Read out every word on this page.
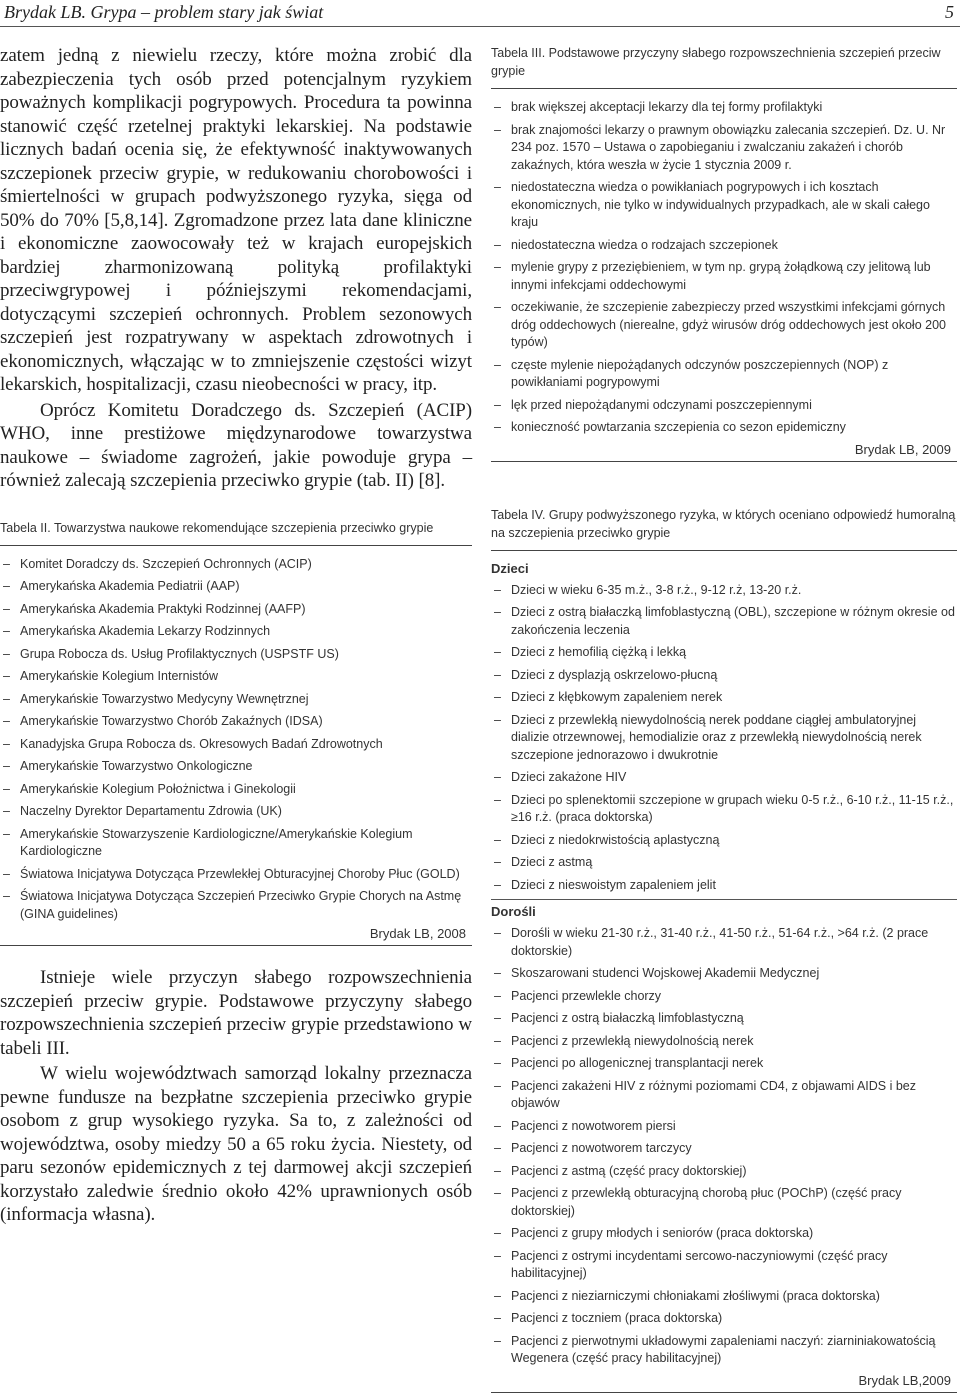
Brydak LB. Grypa – problem stary jak świat	5

zatem jedną z niewielu rzeczy, które można zrobić dla zabezpieczenia tych osób przed potencjalnym ryzykiem poważnych komplikacji pogrypowych. Procedura ta powinna stanowić część rzetelnej praktyki lekarskiej. Na podstawie licznych badań ocenia się, że efektywność inaktywowanych szczepionek przeciw grypie, w redukowaniu chorobowości i śmiertelności w grupach podwyższonego ryzyka, sięga od 50% do 70% [5,8,14]. Zgromadzone przez lata dane kliniczne i ekonomiczne zaowocowały też w krajach europejskich bardziej zharmonizowaną polityką profilaktyki przeciwgrypowej i późniejszymi rekomendacjami, dotyczącymi szczepień ochronnych. Problem sezonowych szczepień jest rozpatrywany w aspektach zdrowotnych i ekonomicznych, włączając w to zmniejszenie częstości wizyt lekarskich, hospitalizacji, czasu nieobecności w pracy, itp.

Oprócz Komitetu Doradczego ds. Szczepień (ACIP) WHO, inne prestiżowe międzynarodowe towarzystwa naukowe – świadome zagrożeń, jakie powoduje grypa – również zalecają szczepienia przeciwko grypie (tab. II) [8].

Tabela II. Towarzystwa naukowe rekomendujące szczepienia przeciwko grypie

– Komitet Doradczy ds. Szczepień Ochronnych (ACIP)
– Amerykańska Akademia Pediatrii (AAP)
– Amerykańska Akademia Praktyki Rodzinnej (AAFP)
– Amerykańska Akademia Lekarzy Rodzinnych
– Grupa Robocza ds. Usług Profilaktycznych (USPSTF US)
– Amerykańskie Kolegium Internistów
– Amerykańskie Towarzystwo Medycyny Wewnętrznej
– Amerykańskie Towarzystwo Chorób Zakaźnych (IDSA)
– Kanadyjska Grupa Robocza ds. Okresowych Badań Zdrowotnych
– Amerykańskie Towarzystwo Onkologiczne
– Amerykańskie Kolegium Położnictwa i Ginekologii
– Naczelny Dyrektor Departamentu Zdrowia (UK)
– Amerykańskie Stowarzyszenie Kardiologiczne/Amerykańskie Kolegium Kardiologiczne
– Światowa Inicjatywa Dotycząca Przewlekłej Obturacyjnej Choroby Płuc (GOLD)
– Światowa Inicjatywa Dotycząca Szczepień Przeciwko Grypie Chorych na Astmę (GINA guidelines)
Brydak LB, 2008

Istnieje wiele przyczyn słabego rozpowszechnienia szczepień przeciw grypie. Podstawowe przyczyny słabego rozpowszechnienia szczepień przeciw grypie przedstawiono w tabeli III.

W wielu województwach samorząd lokalny przeznacza pewne fundusze na bezpłatne szczepienia przeciwko grypie osobom z grup wysokiego ryzyka. Sa to, z zależności od województwa, osoby miedzy 50 a 65 roku życia. Niestety, od paru sezonów epidemicznych z tej darmowej akcji szczepień korzystało zaledwie średnio około 42% uprawnionych osób (informacja własna).

Tabela III. Podstawowe przyczyny słabego rozpowszechnienia szczepień przeciw grypie

– brak większej akceptacji lekarzy dla tej formy profilaktyki
– brak znajomości lekarzy o prawnym obowiązku zalecania szczepień. Dz. U. Nr 234 poz. 1570 – Ustawa o zapobieganiu i zwalczaniu zakażeń i chorób zakaźnych, która weszła w życie 1 stycznia 2009 r.
– niedostateczna wiedza o powikłaniach pogrypowych i ich kosztach ekonomicznych, nie tylko w indywidualnych przypadkach, ale w skali całego kraju
– niedostateczna wiedza o rodzajach szczepionek
– mylenie grypy z przeziębieniem, w tym np. grypą żołądkową czy jelitową lub innymi infekcjami oddechowymi
– oczekiwanie, że szczepienie zabezpieczy przed wszystkimi infekcjami górnych dróg oddechowych (nierealne, gdyż wirusów dróg oddechowych jest około 200 typów)
– częste mylenie niepożądanych odczynów poszczepiennych (NOP) z powikłaniami pogrypowymi
– lęk przed niepożądanymi odczynami poszczepiennymi
– konieczność powtarzania szczepienia co sezon epidemiczny
Brydak LB, 2009

Tabela IV. Grupy podwyższonego ryzyka, w których oceniano odpowiedź humoralną na szczepienia przeciwko grypie

Dzieci
– Dzieci w wieku 6-35 m.ż., 3-8 r.ż., 9-12 r.ż, 13-20 r.ż.
– Dzieci z ostrą białaczką limfoblastyczną (OBL), szczepione w różnym okresie od zakończenia leczenia
– Dzieci z hemofilią ciężką i lekką
– Dzieci z dysplazją oskrzelowo-płucną
– Dzieci z kłębkowym zapaleniem nerek
– Dzieci z przewlekłą niewydolnością nerek poddane ciągłej ambulatoryjnej dializie otrzewnowej, hemodializie oraz z przewlekłą niewydolnością nerek szczepione jednorazowo i dwukrotnie
– Dzieci zakażone HIV
– Dzieci po splenektomii szczepione w grupach wieku 0-5 r.ż., 6-10 r.ż., 11-15 r.ż., ≥16 r.ż. (praca doktorska)
– Dzieci z niedokrwistością aplastyczną
– Dzieci z astmą
– Dzieci z nieswoistym zapaleniem jelit
Dorośli
– Dorośli w wieku 21-30 r.ż., 31-40 r.ż., 41-50 r.ż., 51-64 r.ż., >64 r.ż. (2 prace doktorskie)
– Skoszarowani studenci Wojskowej Akademii Medycznej
– Pacjenci przewlekle chorzy
– Pacjenci z ostrą białaczką limfoblastyczną
– Pacjenci z przewlekłą niewydolnością nerek
– Pacjenci po allogenicznej transplantacji nerek
– Pacjenci zakażeni HIV z różnymi poziomami CD4, z objawami AIDS i bez objawów
– Pacjenci z nowotworem piersi
– Pacjenci z nowotworem tarczycy
– Pacjenci z astmą (część pracy doktorskiej)
– Pacjenci z przewlekłą obturacyjną chorobą płuc (POChP) (część pracy doktorskiej)
– Pacjenci z grupy młodych i seniorów (praca doktorska)
– Pacjenci z ostrymi incydentami sercowo-naczyniowymi (część pracy habilitacyjnej)
– Pacjenci z nieziarniczymi chłoniakami złośliwymi (praca doktorska)
– Pacjenci z toczniem (praca doktorska)
– Pacjenci z pierwotnymi układowymi zapaleniami naczyń: ziarniniakowatością Wegenera (część pracy habilitacyjnej)
Brydak LB,2009
